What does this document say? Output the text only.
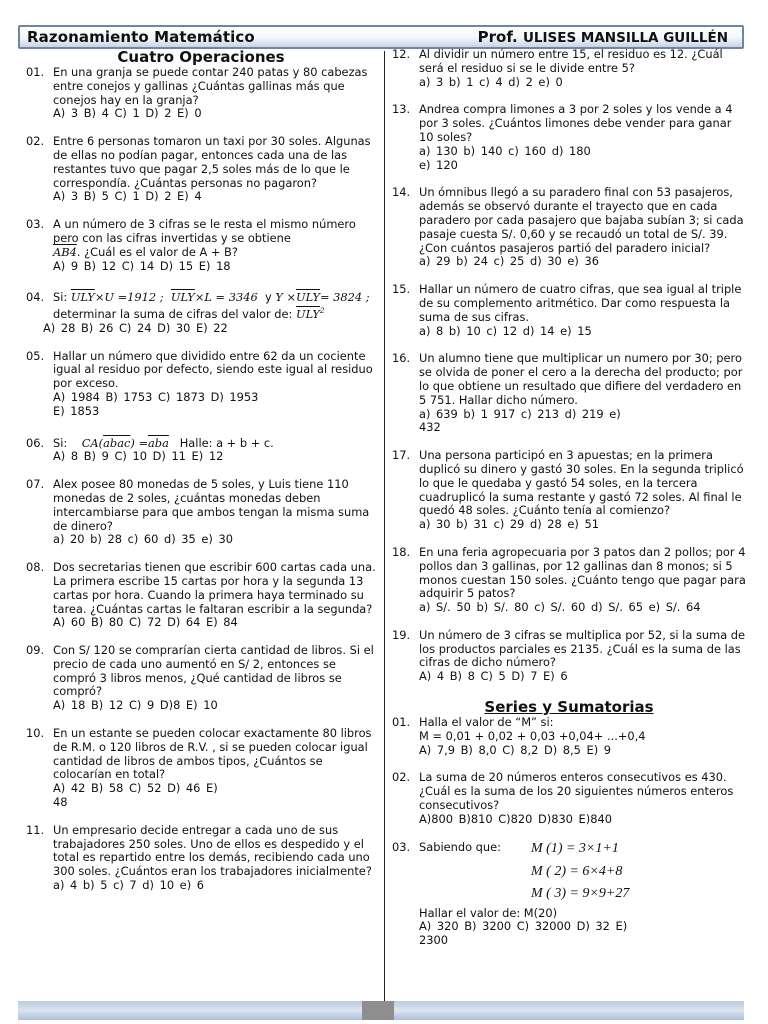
Razonamiento Matemático	Prof. ULISES MANSILLA GUILLÉN
Cuatro Operaciones
01. En una granja se puede contar 240 patas y 80 cabezas entre conejos y gallinas ¿Cuántas gallinas más que conejos hay en la granja?
A) 3 B) 4 C) 1 D) 2 E) 0
02. Entre 6 personas tomaron un taxi por 30 soles. Algunas de ellas no podían pagar, entonces cada una de las restantes tuvo que pagar 2,5 soles más de lo que le correspondía. ¿Cuántas personas no pagaron?
A) 3 B) 5 C) 1 D) 2 E) 4
03. A un número de 3 cifras se le resta el mismo número pero con las cifras invertidas y se obtiene
AB4. ¿Cuál es el valor de A + B?
A) 9 B) 12 C) 14 D) 15 E) 18
04. Si: $\overline{ULY}\times U =1912$ ; $\overline{ULY}\times L = 3346$ y $Y \times\overline{ULY}= 3824$ ;
determinar la suma de cifras del valor de: $\overline{ULY}^2$
A) 28 B) 26 C) 24 D) 30 E) 22
05. Hallar un número que dividido entre 62 da un cociente igual al residuo por defecto, siendo este igual al residuo por exceso.
A) 1984 B) 1753 C) 1873 D) 1953
E) 1853
06. Si: CA(abac) $=\overline{aba}$ Halle: a + b + c.
A) 8 B) 9 C) 10 D) 11 E) 12
07. Alex posee 80 monedas de 5 soles, y Luis tiene 110 monedas de 2 soles, ¿cuántas monedas deben intercambiarse para que ambos tengan la misma suma de dinero?
a) 20 b) 28 c) 60 d) 35 e) 30
08. Dos secretarias tienen que escribir 600 cartas cada una. La primera escribe 15 cartas por hora y la segunda 13 cartas por hora. Cuando la primera haya terminado su tarea. ¿Cuántas cartas le faltaran escribir a la segunda?
A) 60 B) 80 C) 72 D) 64 E) 84
09. Con S/ 120 se comprarían cierta cantidad de libros. Si el precio de cada uno aumentó en S/ 2, entonces se compró 3 libros menos, ¿Qué cantidad de libros se compró?
A) 18 B) 12 C) 9 D)8 E) 10
10. En un estante se pueden colocar exactamente 80 libros de R.M. o 120 libros de R.V. , si se pueden colocar igual cantidad de libros de ambos tipos, ¿Cuántos se colocarían en total?
A) 42 B) 58 C) 52 D) 46 E)
48
11. Un empresario decide entregar a cada uno de sus trabajadores 250 soles. Uno de ellos es despedido y el total es repartido entre los demás, recibiendo cada uno 300 soles. ¿Cuántos eran los trabajadores inicialmente?
a) 4 b) 5 c) 7 d) 10 e) 6
12. Al dividir un número entre 15, el residuo es 12. ¿Cuál será el residuo si se le divide entre 5?
a) 3 b) 1 c) 4 d) 2 e) 0
13. Andrea compra limones a 3 por 2 soles y los vende a 4 por 3 soles. ¿Cuántos limones debe vender para ganar 10 soles?
a) 130 b) 140 c) 160 d) 180
e) 120
14. Un ómnibus llegó a su paradero final con 53 pasajeros, además se observó durante el trayecto que en cada paradero por cada pasajero que bajaba subían 3; si cada pasaje cuesta S/. 0,60 y se recaudó un total de S/. 39. ¿Con cuántos pasajeros partió del paradero inicial?
a) 29 b) 24 c) 25 d) 30 e) 36
15. Hallar un número de cuatro cifras, que sea igual al triple de su complemento aritmético. Dar como respuesta la suma de sus cifras.
a) 8 b) 10 c) 12 d) 14 e) 15
16. Un alumno tiene que multiplicar un numero por 30; pero se olvida de poner el cero a la derecha del producto; por lo que obtiene un resultado que difiere del verdadero en 5 751. Hallar dicho número.
a) 639 b) 1 917 c) 213 d) 219 e)
432
17. Una persona participó en 3 apuestas; en la primera duplicó su dinero y gastó 30 soles. En la segunda triplicó lo que le quedaba y gastó 54 soles, en la tercera cuadruplicó la suma restante y gastó 72 soles. Al final le quedó 48 soles. ¿Cuánto tenía al comienzo?
a) 30 b) 31 c) 29 d) 28 e) 51
18. En una feria agropecuaria por 3 patos dan 2 pollos; por 4 pollos dan 3 gallinas, por 12 gallinas dan 8 monos; si 5 monos cuestan 150 soles. ¿Cuánto tengo que pagar para adquirir 5 patos?
a) S/. 50 b) S/. 80 c) S/. 60 d) S/. 65 e) S/. 64
19. Un número de 3 cifras se multiplica por 52, si la suma de los productos parciales es 2135. ¿Cuál es la suma de las cifras de dicho número?
A) 4 B) 8 C) 5 D) 7 E) 6
Series y Sumatorias
01. Halla el valor de “M” si:
M = 0,01 + 0,02 + 0,03 +0,04+ ...+0,4
A) 7,9 B) 8,0 C) 8,2 D) 8,5 E) 9
02. La suma de 20 números enteros consecutivos es 430. ¿Cuál es la suma de los 20 siguientes números enteros consecutivos?
A)800 B)810 C)820 D)830 E)840
03. Sabiendo que: M (1) = 3×1+1
M ( 2) = 6×4+8
M ( 3) = 9×9+27
Hallar el valor de: M(20)
A) 320 B) 3200 C) 32000 D) 32 E)
2300
